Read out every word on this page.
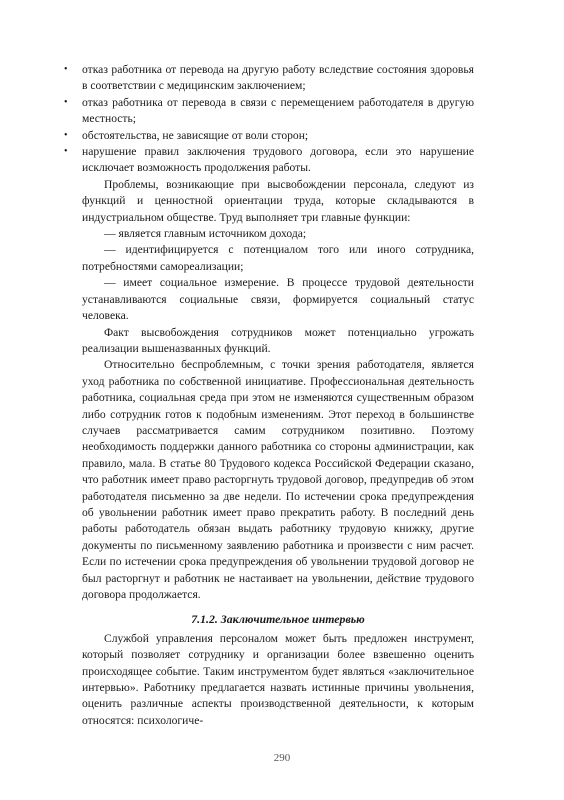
• отказ работника от перевода на другую работу вследствие состояния здоровья в соответствии с медицинским заключением;
• отказ работника от перевода в связи с перемещением работодателя в другую местность;
• обстоятельства, не зависящие от воли сторон;
• нарушение правил заключения трудового договора, если это нарушение исключает возможность продолжения работы.

Проблемы, возникающие при высвобождении персонала, следуют из функций и ценностной ориентации труда, которые складываются в индустриальном обществе. Труд выполняет три главные функции:

— является главным источником дохода;

— идентифицируется с потенциалом того или иного сотрудника, потребностями самореализации;

— имеет социальное измерение. В процессе трудовой деятельности устанавливаются социальные связи, формируется социальный статус человека.

Факт высвобождения сотрудников может потенциально угрожать реализации вышеназванных функций.

Относительно беспроблемным, с точки зрения работодателя, является уход работника по собственной инициативе. Профессиональная деятельность работника, социальная среда при этом не изменяются существенным образом либо сотрудник готов к подобным изменениям. Этот переход в большинстве случаев рассматривается самим сотрудником позитивно. Поэтому необходимость поддержки данного работника со стороны администрации, как правило, мала. В статье 80 Трудового кодекса Российской Федерации сказано, что работник имеет право расторгнуть трудовой договор, предупредив об этом работодателя письменно за две недели. По истечении срока предупреждения об увольнении работник имеет право прекратить работу. В последний день работы работодатель обязан выдать работнику трудовую книжку, другие документы по письменному заявлению работника и произвести с ним расчет. Если по истечении срока предупреждения об увольнении трудовой договор не был расторгнут и работник не настаивает на увольнении, действие трудового договора продолжается.

7.1.2. Заключительное интервью

Службой управления персоналом может быть предложен инструмент, который позволяет сотруднику и организации более взвешенно оценить происходящее событие. Таким инструментом будет являться «заключительное интервью». Работнику предлагается назвать истинные причины увольнения, оценить различные аспекты производственной деятельности, к которым относятся: психологиче-

290
